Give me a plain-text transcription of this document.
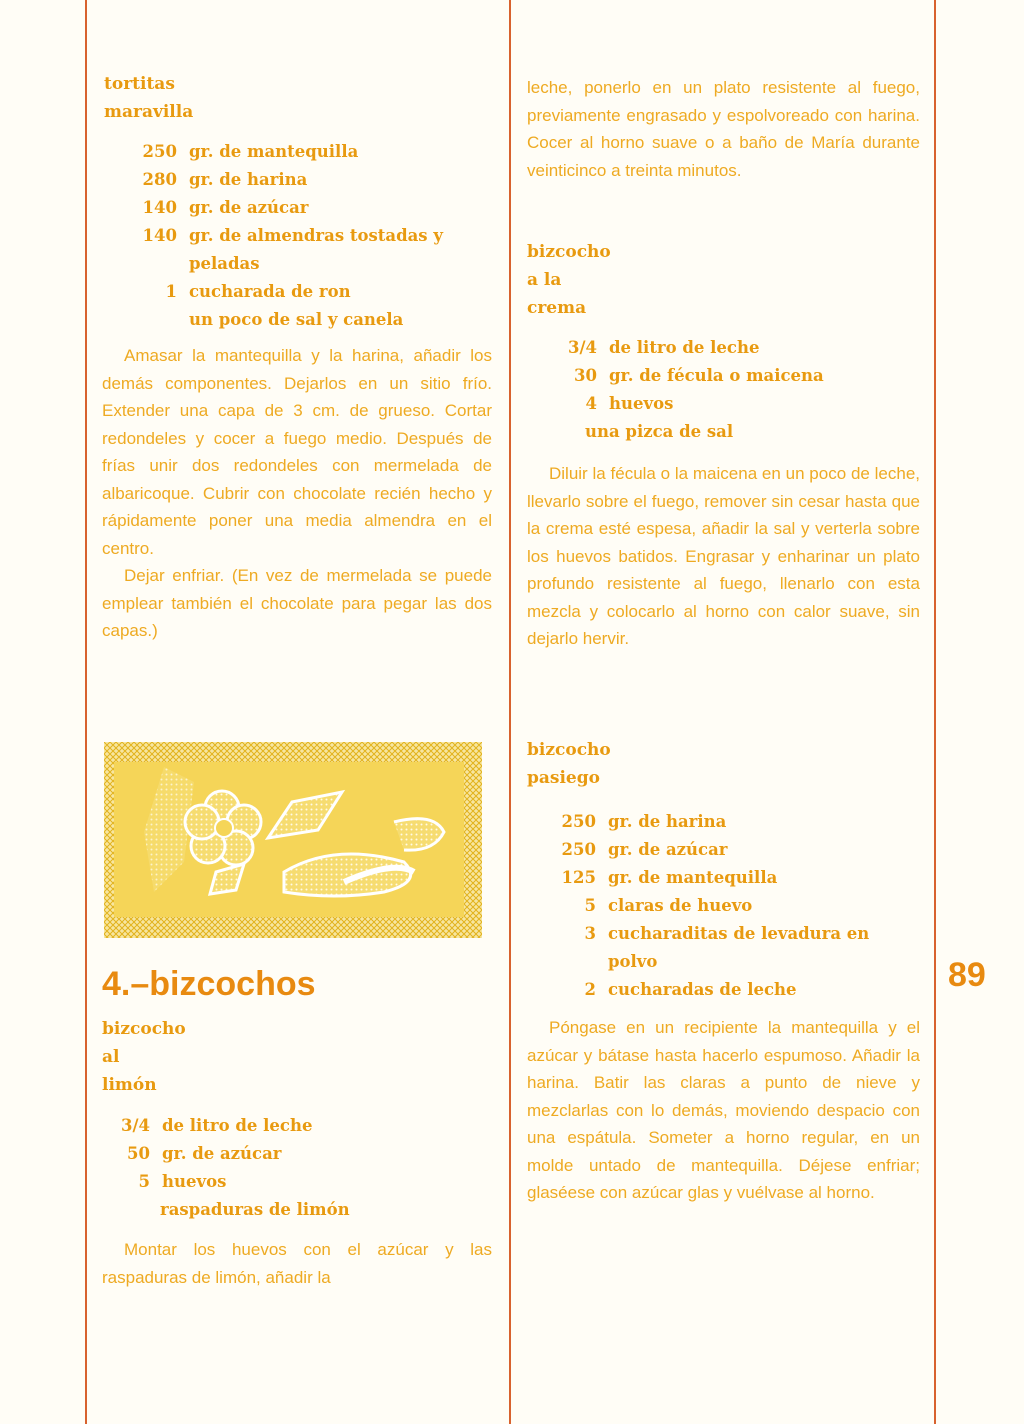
tortitas
maravilla
250 gr. de mantequilla
280 gr. de harina
140 gr. de azúcar
140 gr. de almendras tostadas y peladas
1 cucharada de ron
un poco de sal y canela

Amasar la mantequilla y la harina, añadir los demás componentes. Dejarlos en un sitio frío. Extender una capa de 3 cm. de grueso. Cortar redondeles y cocer a fuego medio. Después de frías unir dos redondeles con mermelada de albaricoque. Cubrir con chocolate recién hecho y rápidamente poner una media almendra en el centro.

Dejar enfriar. (En vez de mermelada se puede emplear también el chocolate para pegar las dos capas.)

4.–bizcochos
bizcocho
al
limón
3/4 de litro de leche
50 gr. de azúcar
5 huevos
raspaduras de limón

Montar los huevos con el azúcar y las raspaduras de limón, añadir la

leche, ponerlo en un plato resistente al fuego, previamente engrasado y espolvoreado con harina. Cocer al horno suave o a baño de María durante veinticinco a treinta minutos.

bizcocho
a la
crema
3/4 de litro de leche
30 gr. de fécula o maicena
4 huevos
una pizca de sal

Diluir la fécula o la maicena en un poco de leche, llevarlo sobre el fuego, remover sin cesar hasta que la crema esté espesa, añadir la sal y verterla sobre los huevos batidos. Engrasar y enharinar un plato profundo resistente al fuego, llenarlo con esta mezcla y colocarlo al horno con calor suave, sin dejarlo hervir.

bizcocho
pasiego
250 gr. de harina
250 gr. de azúcar
125 gr. de mantequilla
5 claras de huevo
3 cucharaditas de levadura en polvo
2 cucharadas de leche

Póngase en un recipiente la mantequilla y el azúcar y bátase hasta hacerlo espumoso. Añadir la harina. Batir las claras a punto de nieve y mezclarlas con lo demás, moviendo despacio con una espátula. Someter a horno regular, en un molde untado de mantequilla. Déjese enfriar; glaséese con azúcar glas y vuélvase al horno.

89
